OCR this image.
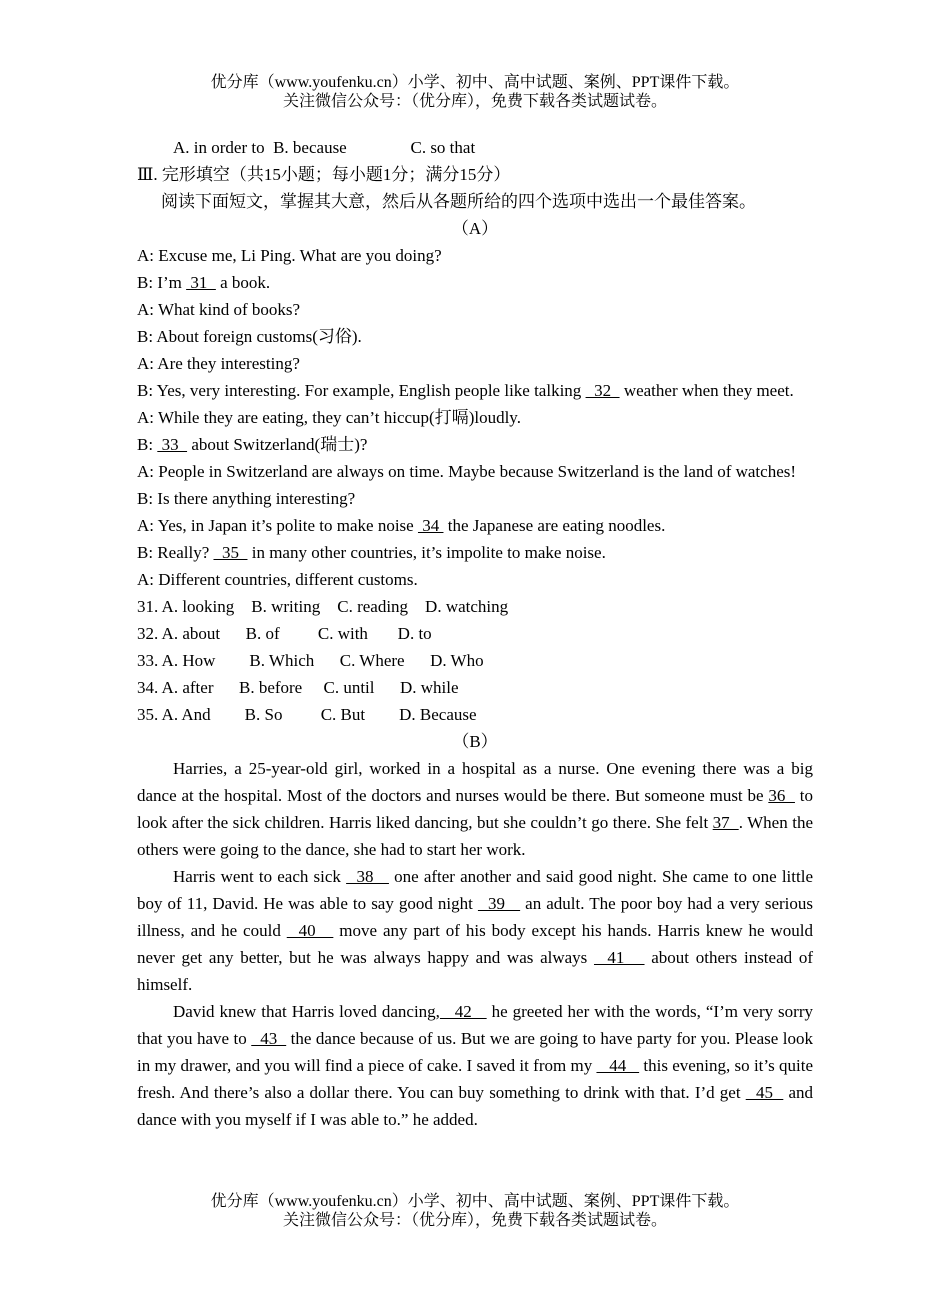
优分库（www.youfenku.cn）小学、初中、高中试题、案例、PPT课件下载。
关注微信公众号：（优分库），免费下载各类试题试卷。
A. in order to  B. because               C. so that
Ⅲ. 完形填空（共15小题；每小题1分；满分15分）
阅读下面短文，掌握其大意，然后从各题所给的四个选项中选出一个最佳答案。
（A）
A: Excuse me, Li Ping. What are you doing?
B: I’m  31   a book.
A: What kind of books?
B: About foreign customs(习俗).
A: Are they interesting?
B: Yes, very interesting. For example, English people like talking   32   weather when they meet.
A: While they are eating, they can’t hiccup(打嗝)loudly.
B:  33   about Switzerland(瑞士)?
A: People in Switzerland are always on time. Maybe because Switzerland is the land of watches!
B: Is there anything interesting?
A: Yes, in Japan it’s polite to make noise  34  the Japanese are eating noodles.
B: Really?   35   in many other countries, it’s impolite to make noise.
A: Different countries, different customs.
31. A. looking    B. writing    C. reading    D. watching
32. A. about      B. of         C. with       D. to
33. A. How        B. Which      C. Where      D. Who
34. A. after      B. before     C. until      D. while
35. A. And        B. So         C. But        D. Because
（B）
Harries, a 25-year-old girl, worked in a hospital as a nurse. One evening there was a big dance at the hospital. Most of the doctors and nurses would be there. But someone must be 36   to look after the sick children. Harris liked dancing, but she couldn’t go there. She felt 37  . When the others were going to the dance, she had to start her work.
Harris went to each sick   38    one after another and said good night. She came to one little boy of 11, David. He was able to say good night   39    an adult. The poor boy had a very serious illness, and he could   40    move any part of his body except his hands. Harris knew he would never get any better, but he was always happy and was always   41    about others instead of himself.
David knew that Harris loved dancing,   42    he greeted her with the words, “I’m very sorry that you have to   43   the dance because of us. But we are going to have party for you. Please look in my drawer, and you will find a piece of cake. I saved it from my    44    this evening, so it’s quite fresh. And there’s also a dollar there. You can buy something to drink with that. I’d get   45   and dance with you myself if I was able to.” he added.
优分库（www.youfenku.cn）小学、初中、高中试题、案例、PPT课件下载。
关注微信公众号：（优分库），免费下载各类试题试卷。
